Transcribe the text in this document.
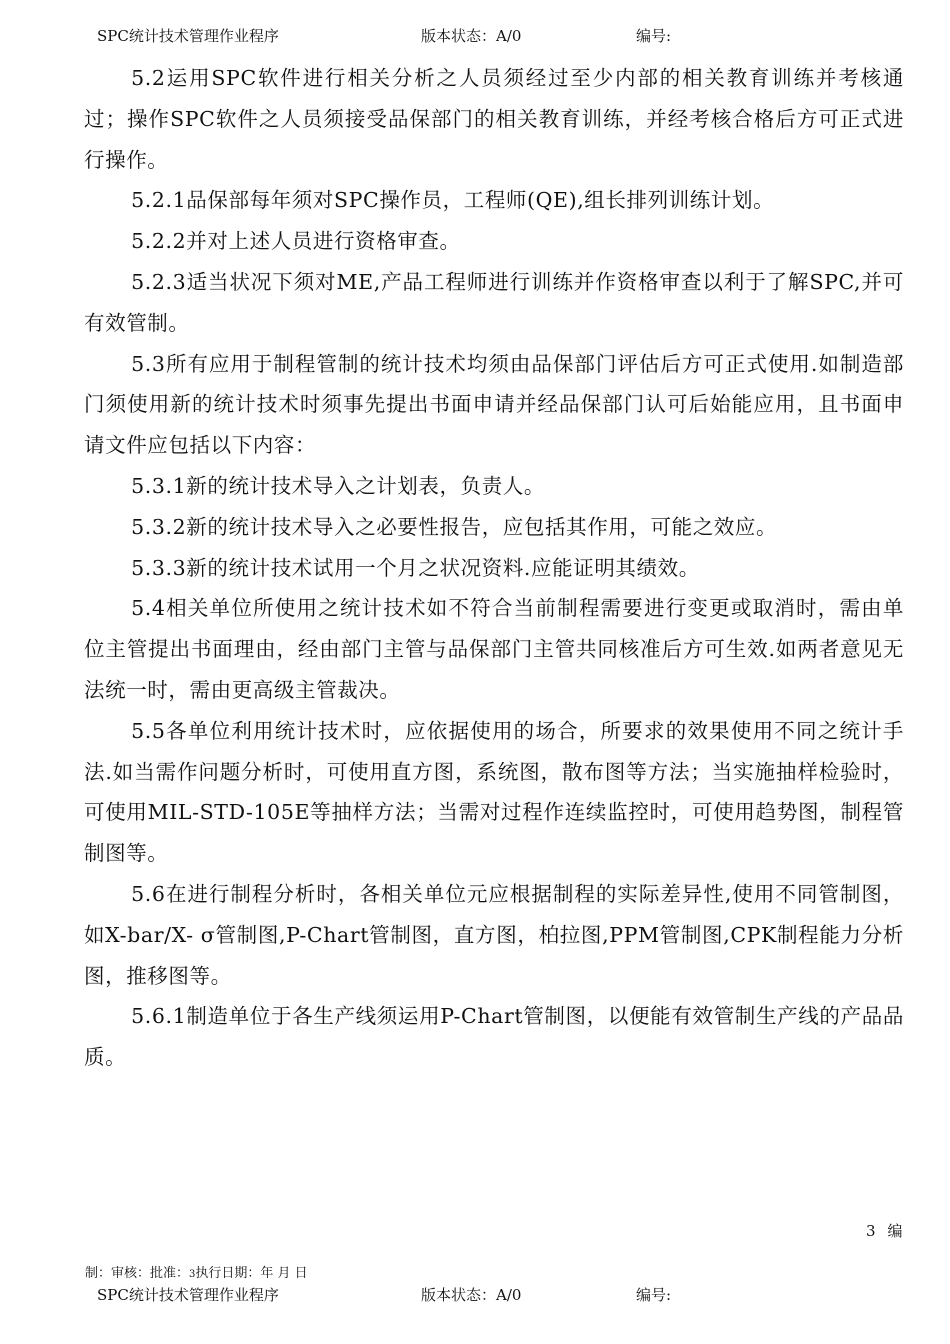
SPC统计技术管理作业程序	版本状态：A/0	编号:

5.2运用SPC软件进行相关分析之人员须经过至少内部的相关教育训练并考核通过；操作SPC软件之人员须接受品保部门的相关教育训练，并经考核合格后方可正式进行操作。

5.2.1品保部每年须对SPC操作员，工程师(QE),组长排列训练计划。

5.2.2并对上述人员进行资格审查。

5.2.3适当状况下须对ME,产品工程师进行训练并作资格审查以利于了解SPC,并可有效管制。

5.3所有应用于制程管制的统计技术均须由品保部门评估后方可正式使用.如制造部门须使用新的统计技术时须事先提出书面申请并经品保部门认可后始能应用，且书面申请文件应包括以下内容：

5.3.1新的统计技术导入之计划表，负责人。

5.3.2新的统计技术导入之必要性报告，应包括其作用，可能之效应。

5.3.3新的统计技术试用一个月之状况资料.应能证明其绩效。

5.4相关单位所使用之统计技术如不符合当前制程需要进行变更或取消时，需由单位主管提出书面理由，经由部门主管与品保部门主管共同核准后方可生效.如两者意见无法统一时，需由更高级主管裁决。

5.5各单位利用统计技术时，应依据使用的场合，所要求的效果使用不同之统计手法.如当需作问题分析时，可使用直方图，系统图，散布图等方法；当实施抽样检验时，可使用MIL-STD-105E等抽样方法；当需对过程作连续监控时，可使用趋势图，制程管制图等。

5.6在进行制程分析时，各相关单位元应根据制程的实际差异性,使用不同管制图，如X-bar/X- σ管制图,P-Chart管制图，直方图，柏拉图,PPM管制图,CPK制程能力分析图，推移图等。

5.6.1制造单位于各生产线须运用P-Chart管制图，以便能有效管制生产线的产品品质。

3 编
制：审核：批准：3执行日期：年 月 日
SPC统计技术管理作业程序	版本状态：A/0	编号:
